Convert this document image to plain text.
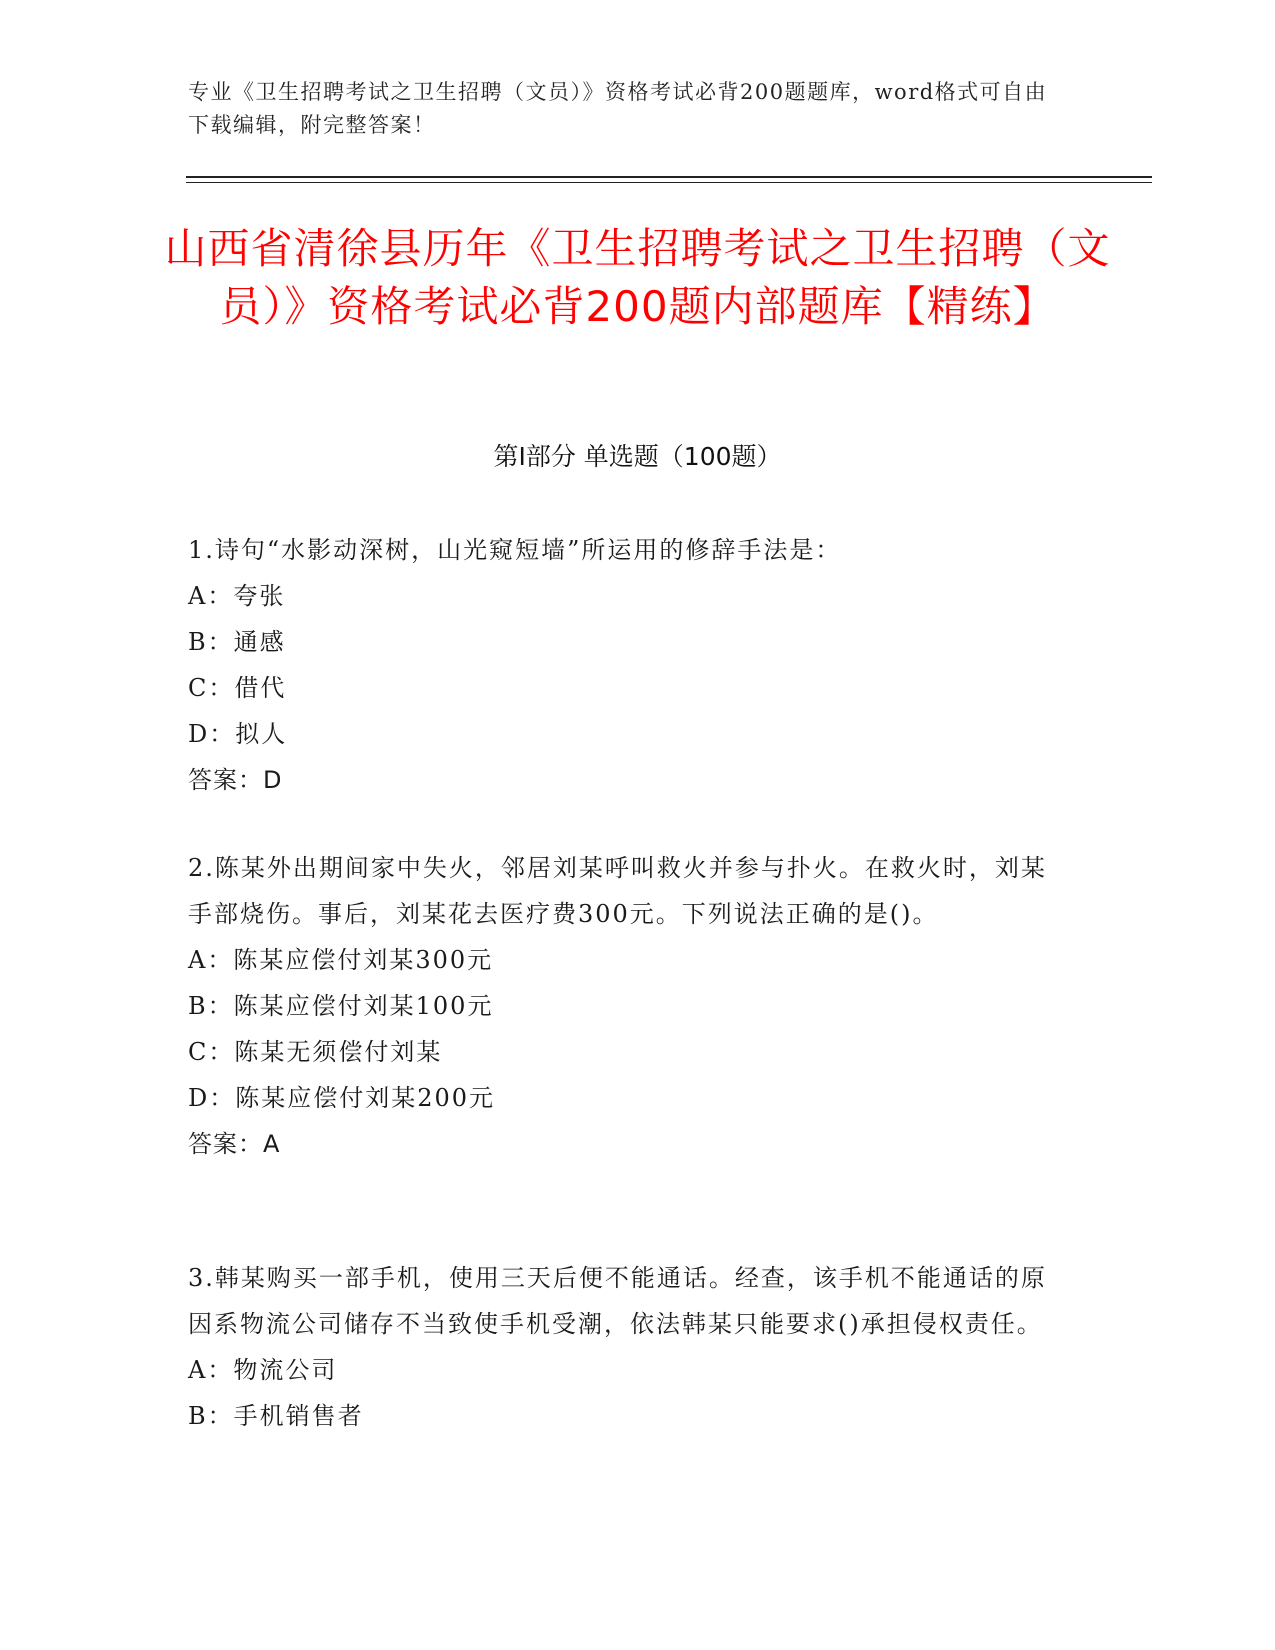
专业《卫生招聘考试之卫生招聘（文员）》资格考试必背200题题库，word格式可自由下载编辑，附完整答案！
山西省清徐县历年《卫生招聘考试之卫生招聘（文员）》资格考试必背200题内部题库【精练】
第I部分 单选题（100题）
1.诗句“水影动深树，山光窥短墙”所运用的修辞手法是：
A：夸张
B：通感
C：借代
D：拟人
答案：D
2.陈某外出期间家中失火，邻居刘某呼叫救火并参与扑火。在救火时，刘某手部烧伤。事后，刘某花去医疗费300元。下列说法正确的是()。
A：陈某应偿付刘某300元
B：陈某应偿付刘某100元
C：陈某无须偿付刘某
D：陈某应偿付刘某200元
答案：A
3.韩某购买一部手机，使用三天后便不能通话。经查，该手机不能通话的原因系物流公司储存不当致使手机受潮，依法韩某只能要求()承担侵权责任。
A：物流公司
B：手机销售者
